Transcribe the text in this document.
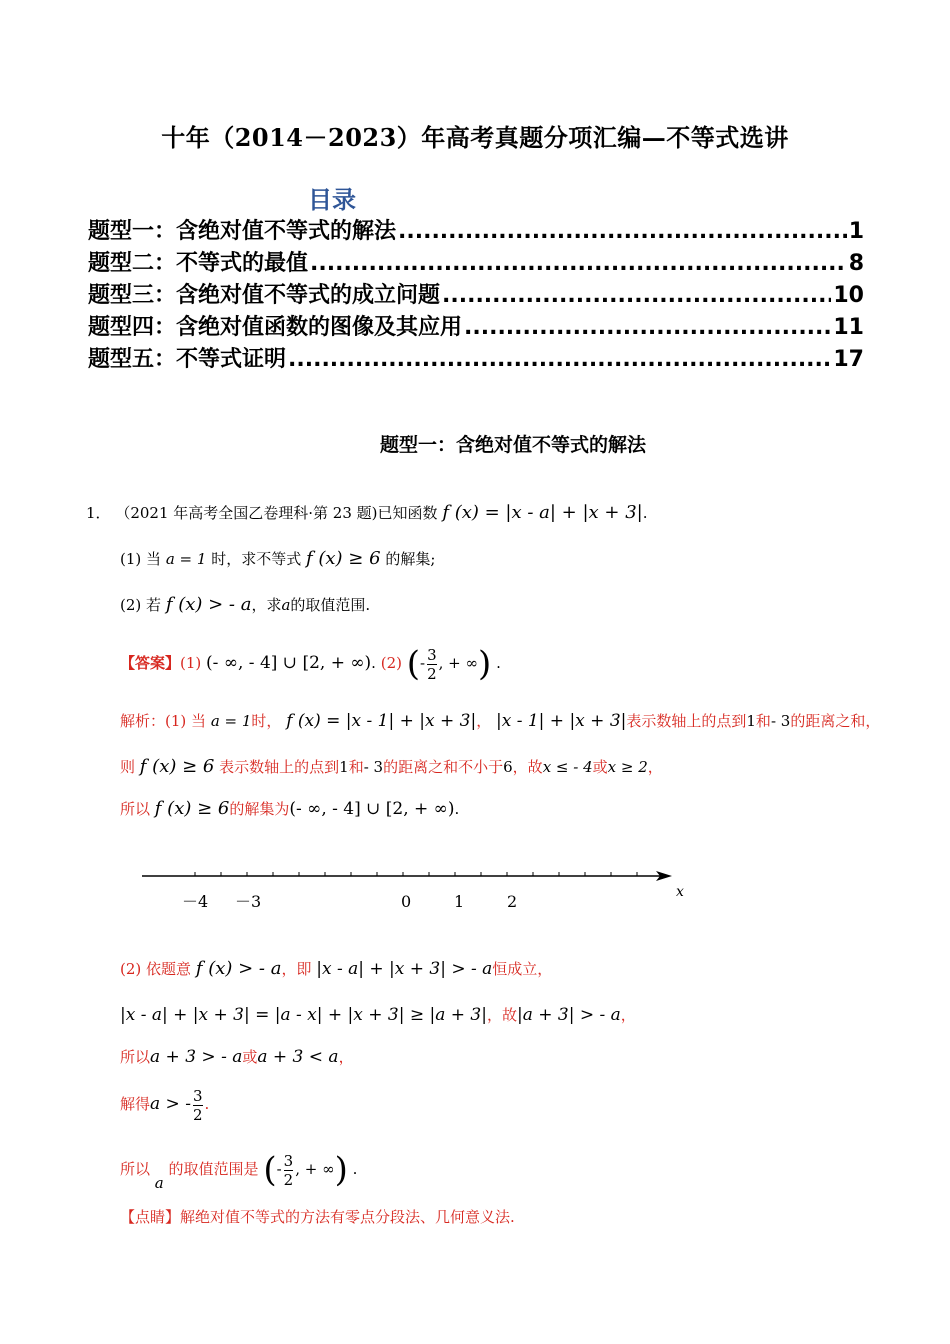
十年（2014－2023）年高考真题分项汇编—不等式选讲
目录
题型一：含绝对值不等式的解法 .....	1
题型二：不等式的最值 .....	8
题型三：含绝对值不等式的成立问题 .....	10
题型四：含绝对值函数的图像及其应用 .....	11
题型五：不等式证明 .....	17
题型一：含绝对值不等式的解法
1． （2021 年高考全国乙卷理科·第 23 题)已知函数 f (x) = |x - a| + |x + 3|.
(1) 当 a = 1 时，求不等式 f (x) ≥ 6 的解集;
(2) 若 f (x) > - a，求a的取值范围.
【答案】(1) (- ∞, - 4] ∪ [2, + ∞). (2) (- $\frac{3}{2}$ , + ∞) .
解析：(1) 当 a = 1时， f (x) = |x - 1| + |x + 3|， |x - 1| + |x + 3|表示数轴上的点到1和- 3的距离之和，
则 f (x) ≥ 6 表示数轴上的点到1和- 3的距离之和不小于6，故x ≤ - 4或x ≥ 2，
所以 f (x) ≥ 6的解集为(- ∞, - 4] ∪ [2, + ∞).
－4 －3	0	1	2	x
(2) 依题意 f (x) > - a，即 |x - a| + |x + 3| > - a恒成立，
|x - a| + |x + 3| = |a - x| + |x + 3| ≥ |a + 3|，故|a + 3| > - a，
所以a + 3 > - a或a + 3 < a，
解得a > - $\frac{3}{2}$ .
所以 a 的取值范围是 (- $\frac{3}{2}$ , + ∞) .
【点睛】解绝对值不等式的方法有零点分段法、几何意义法.
